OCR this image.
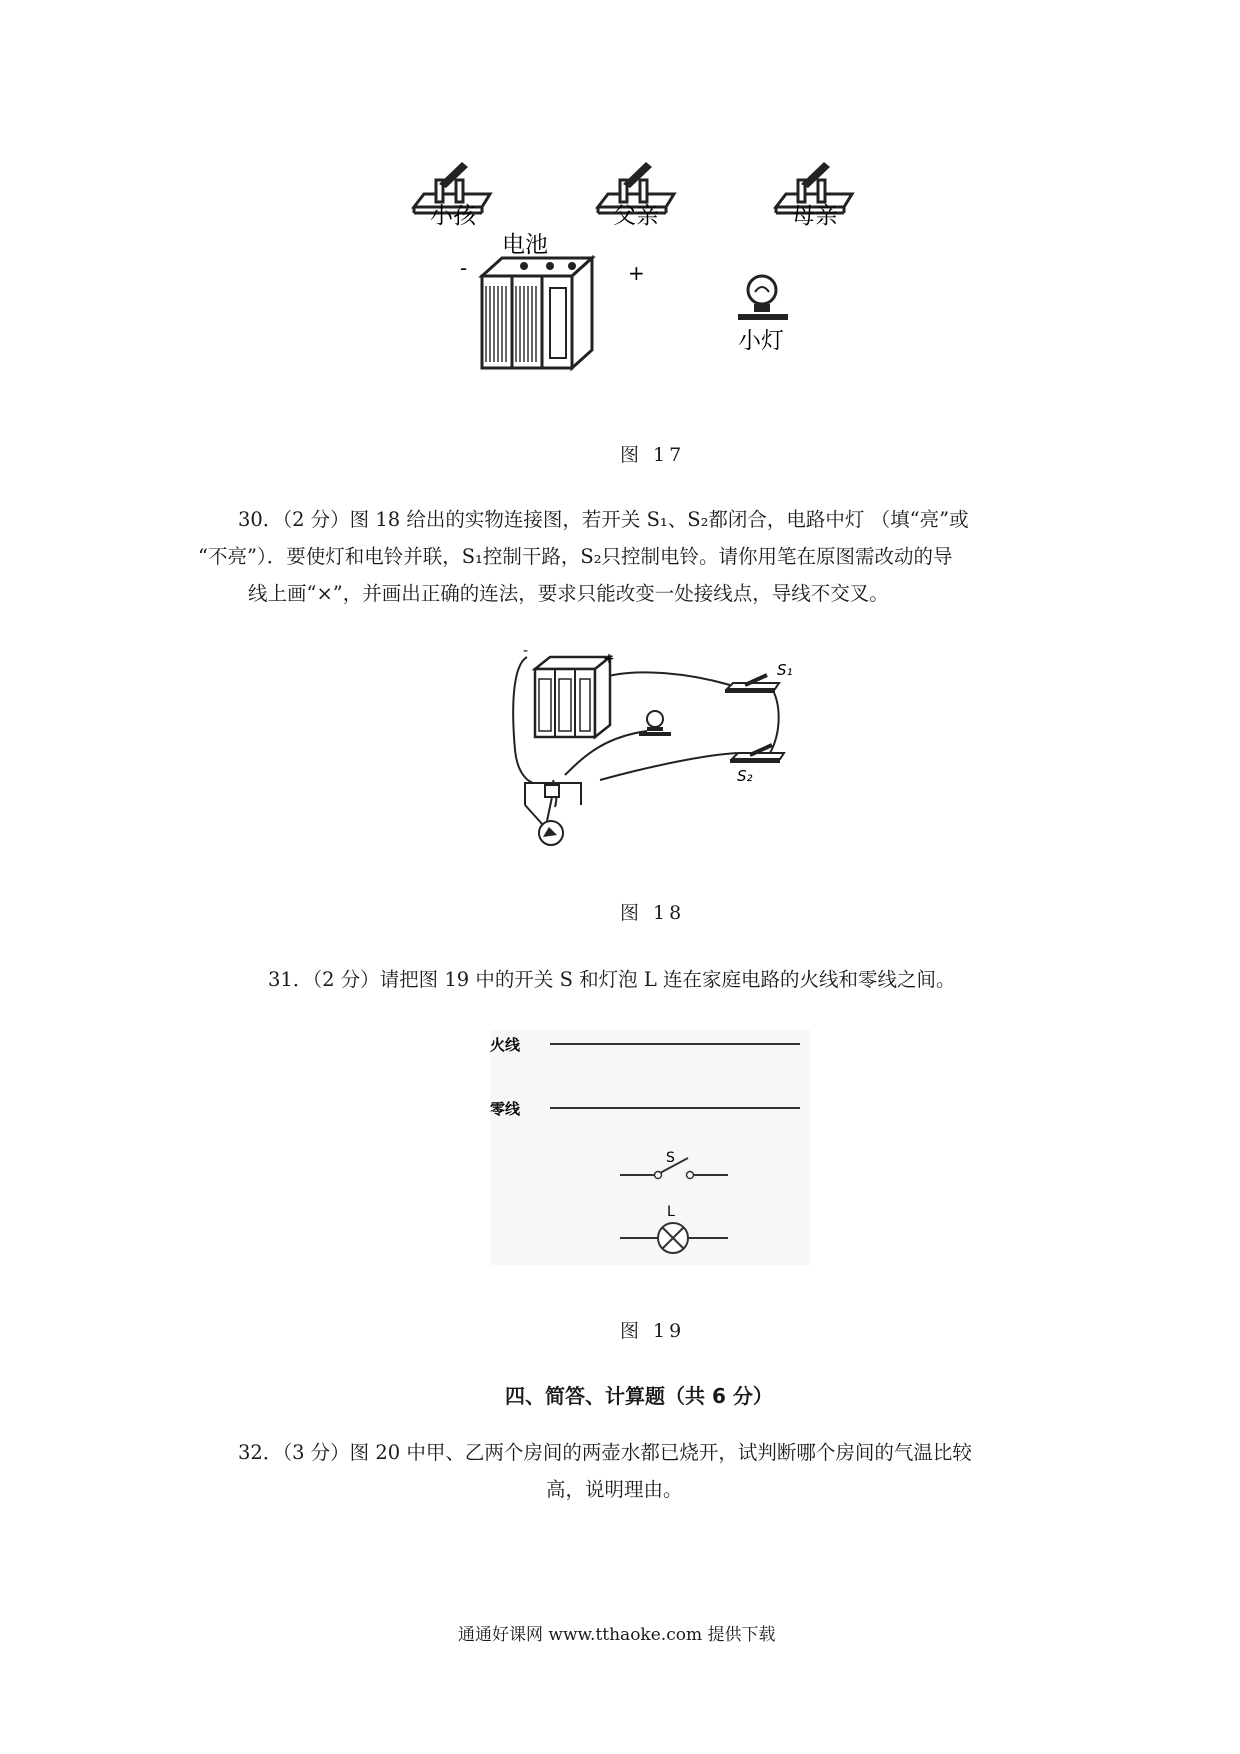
小孩	父亲	母亲
电池
-	+
小灯
图 17
30．（2 分）图 18 给出的实物连接图，若开关 S₁、S₂都闭合，电路中灯 （填“亮”或
“不亮”）．要使灯和电铃并联，S₁控制干路，S₂只控制电铃。请你用笔在原图需改动的导
线上画“×”，并画出正确的连法，要求只能改变一处接线点，导线不交叉。
-	+
S₁
S₂
图 18
31．（2 分）请把图 19 中的开关 S 和灯泡 L 连在家庭电路的火线和零线之间。
火线
零线
S
L
图 19
四、简答、计算题（共 6 分）
32．（3 分）图 20 中甲、乙两个房间的两壶水都已烧开，试判断哪个房间的气温比较
高，说明理由。
通通好课网 www.tthaoke.com 提供下载
